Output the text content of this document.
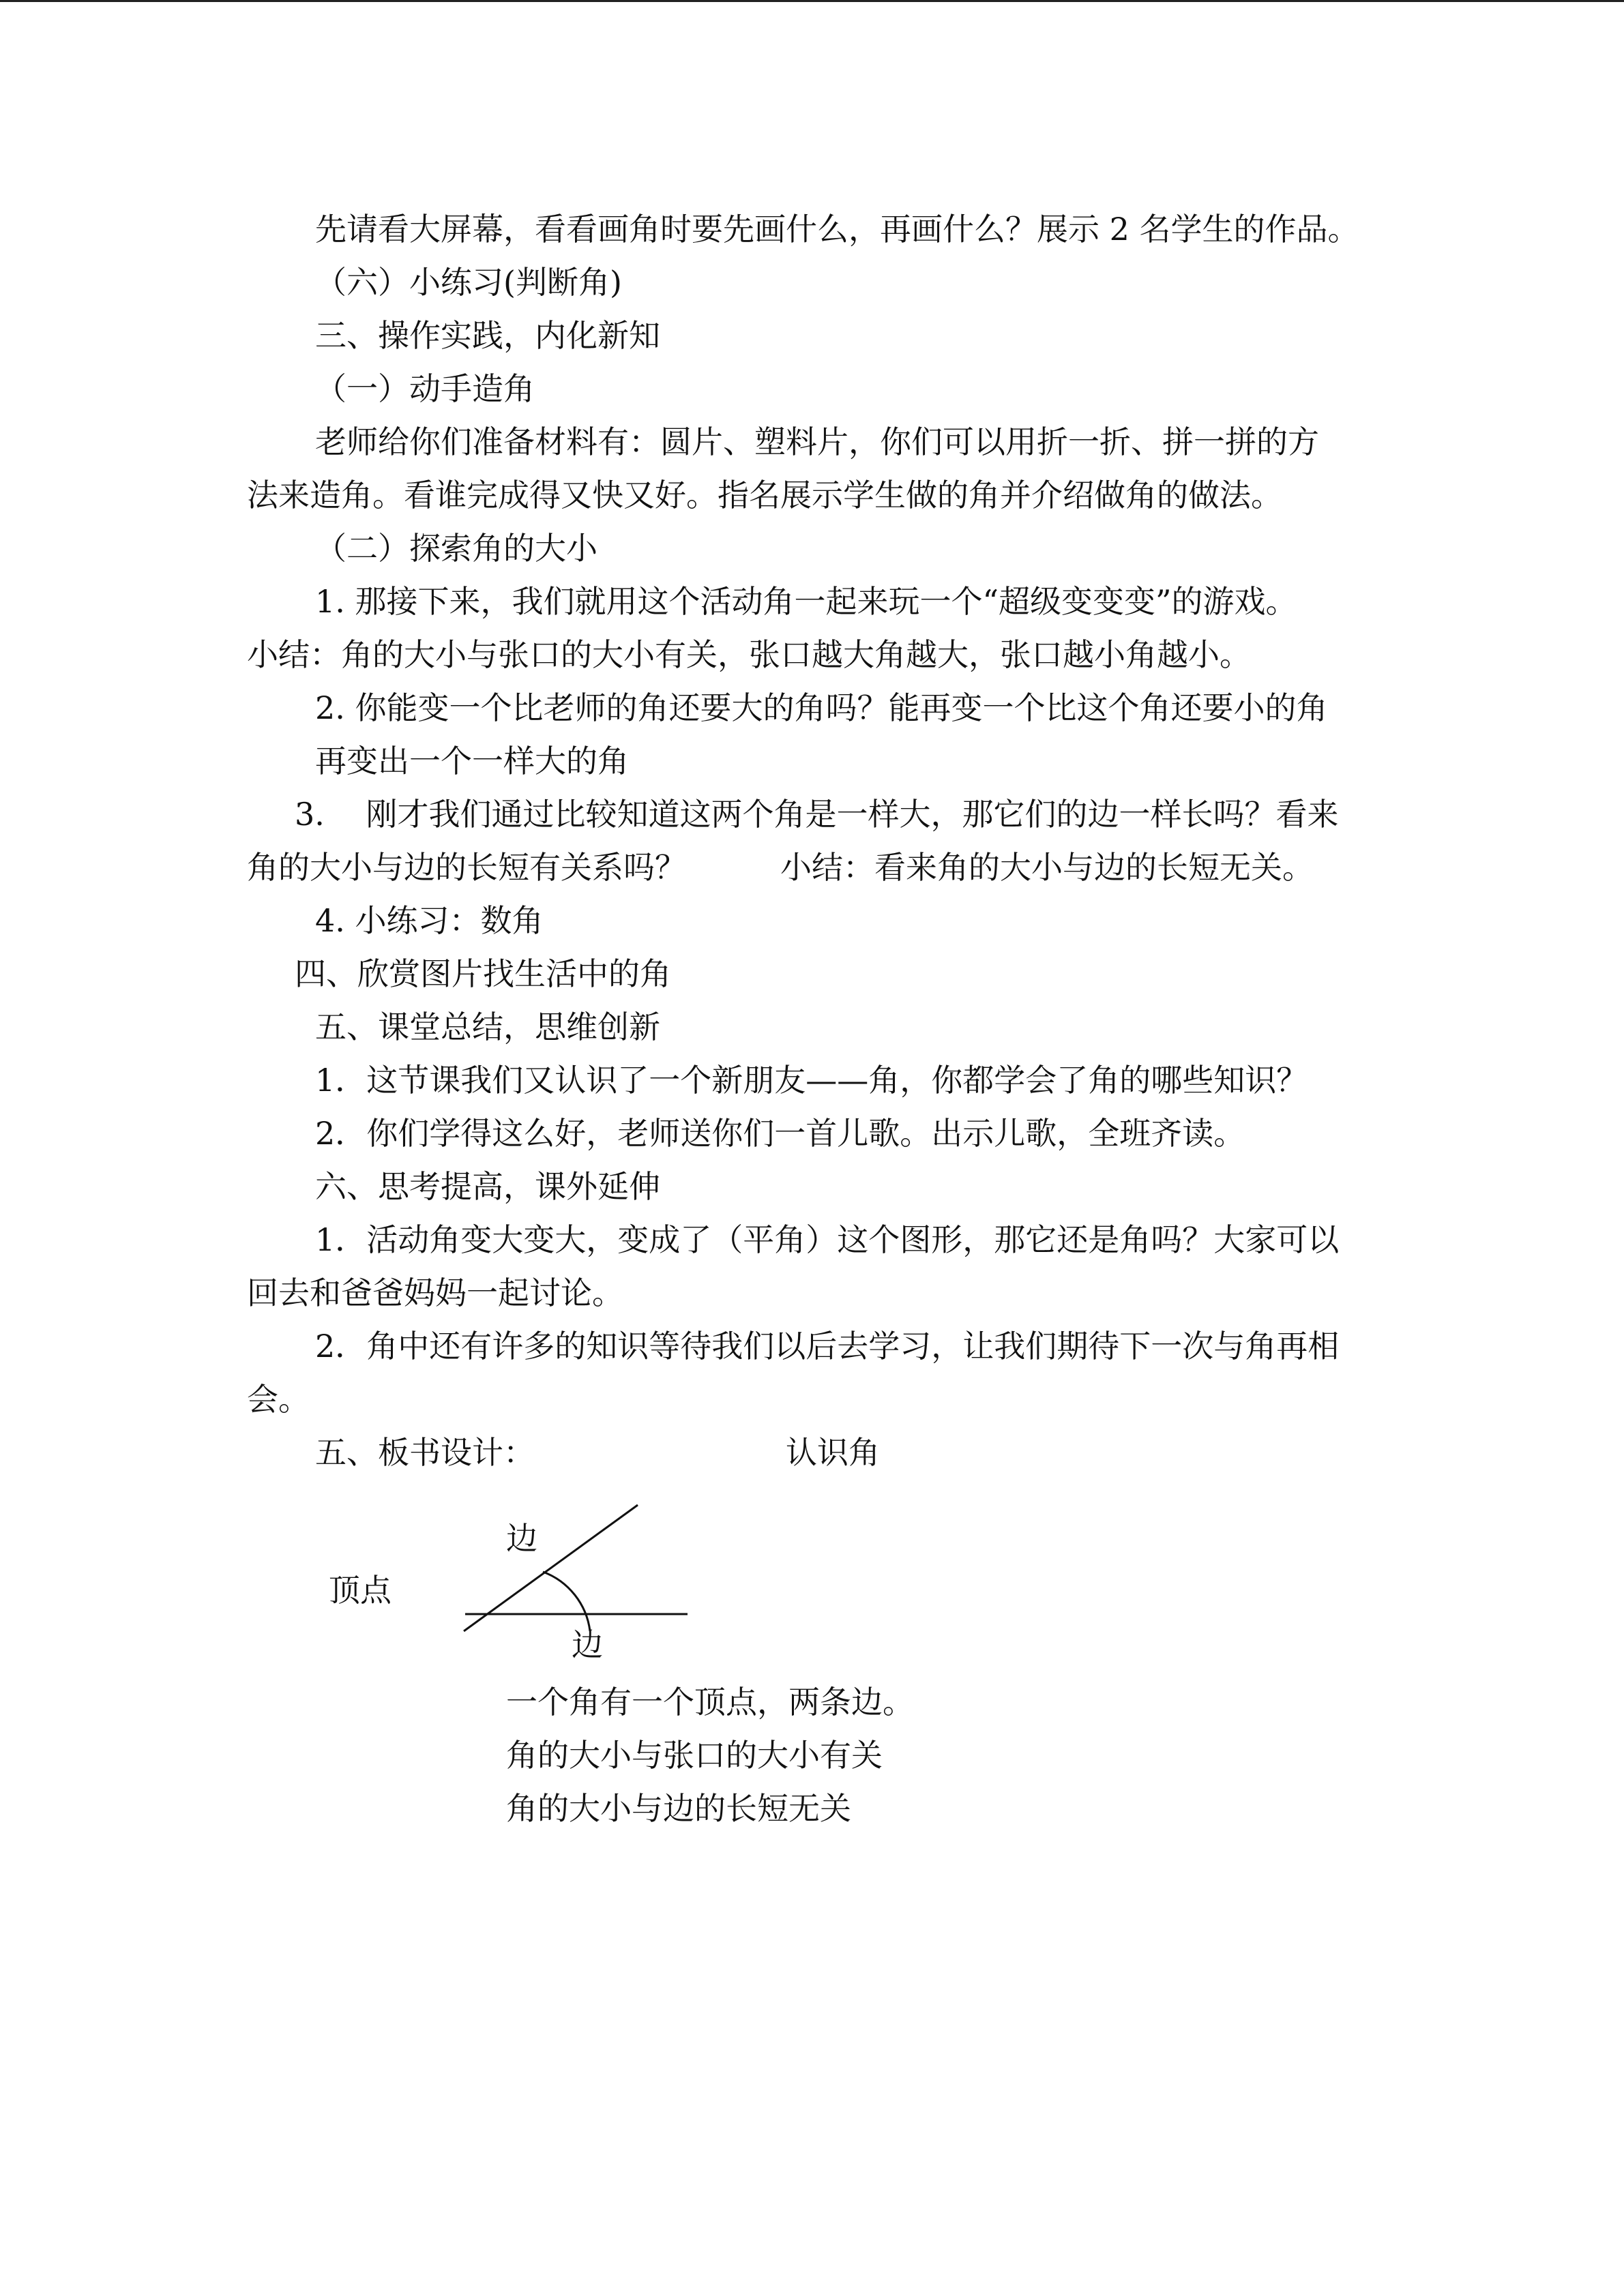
先请看大屏幕，看看画角时要先画什么，再画什么？展示 2 名学生的作品。
（六）小练习(判断角)
三、操作实践，内化新知
（一）动手造角
老师给你们准备材料有：圆片、塑料片，你们可以用折一折、拼一拼的方
法来造角。看谁完成得又快又好。指名展示学生做的角并介绍做角的做法。
（二）探索角的大小
1. 那接下来，我们就用这个活动角一起来玩一个“超级变变变”的游戏。
小结：角的大小与张口的大小有关，张口越大角越大，张口越小角越小。
2. 你能变一个比老师的角还要大的角吗？能再变一个比这个角还要小的角
再变出一个一样大的角
3.　 刚才我们通过比较知道这两个角是一样大，那它们的边一样长吗？看来
角的大小与边的长短有关系吗？　　　小结：看来角的大小与边的长短无关。
4. 小练习：数角
四、欣赏图片找生活中的角
五、课堂总结，思维创新
1．这节课我们又认识了一个新朋友——角，你都学会了角的哪些知识？
2．你们学得这么好，老师送你们一首儿歌。出示儿歌，全班齐读。
六、思考提高，课外延伸
1．活动角变大变大，变成了（平角）这个图形，那它还是角吗？大家可以
回去和爸爸妈妈一起讨论。
2．角中还有许多的知识等待我们以后去学习，让我们期待下一次与角再相
会。
五、板书设计：	认识角
边
顶点
边
一个角有一个顶点，两条边。
角的大小与张口的大小有关
角的大小与边的长短无关
